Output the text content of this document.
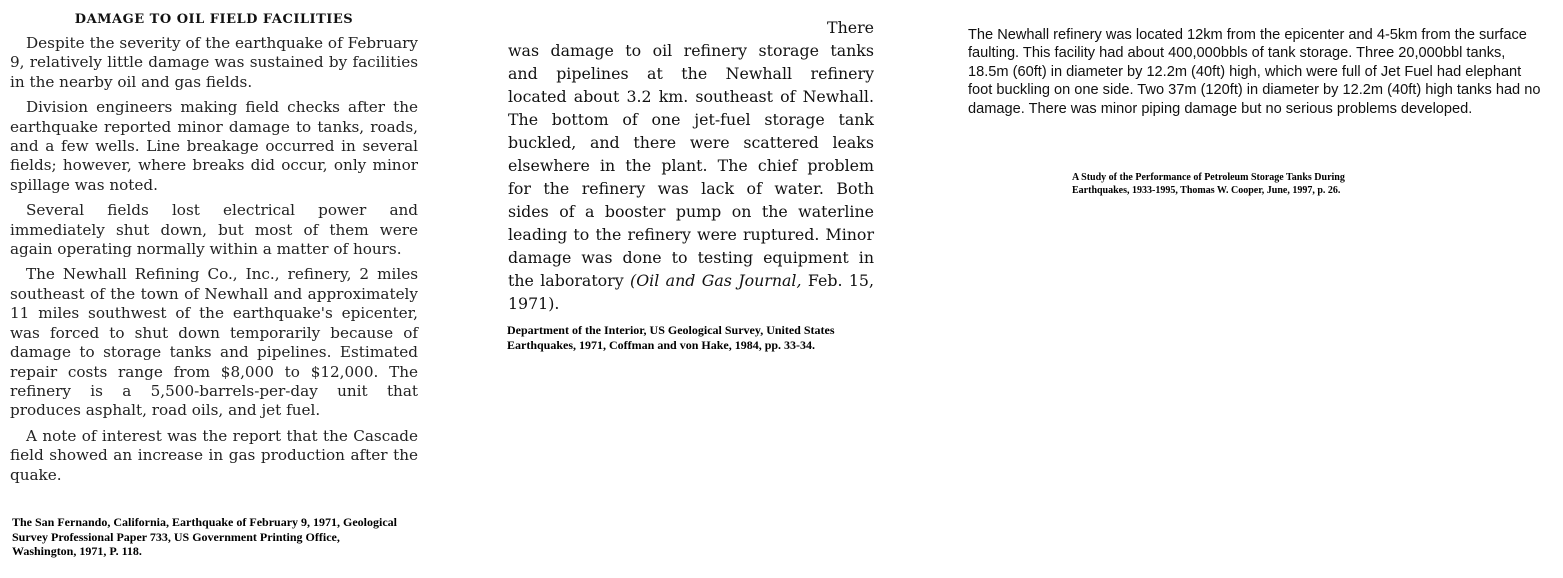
DAMAGE TO OIL FIELD FACILITIES

Despite the severity of the earthquake of February 9, relatively little damage was sustained by facilities in the nearby oil and gas fields.

Division engineers making field checks after the earthquake reported minor damage to tanks, roads, and a few wells. Line breakage occurred in several fields; however, where breaks did occur, only minor spillage was noted.

Several fields lost electrical power and immediately shut down, but most of them were again operating normally within a matter of hours.

The Newhall Refining Co., Inc., refinery, 2 miles southeast of the town of Newhall and approximately 11 miles southwest of the earthquake's epicenter, was forced to shut down temporarily because of damage to storage tanks and pipelines. Estimated repair costs range from $8,000 to $12,000. The refinery is a 5,500-barrels-per-day unit that produces asphalt, road oils, and jet fuel.

A note of interest was the report that the Cascade field showed an increase in gas production after the quake.

The San Fernando, California, Earthquake of February 9, 1971, Geological Survey Professional Paper 733, US Government Printing Office, Washington, 1971, P. 118.

There
was damage to oil refinery storage tanks and pipelines at the Newhall refinery located about 3.2 km. southeast of Newhall. The bottom of one jet-fuel storage tank buckled, and there were scattered leaks elsewhere in the plant. The chief problem for the refinery was lack of water. Both sides of a booster pump on the waterline leading to the refinery were ruptured. Minor damage was done to testing equipment in the laboratory (Oil and Gas Journal, Feb. 15, 1971).

Department of the Interior, US Geological Survey, United States Earthquakes, 1971, Coffman and von Hake, 1984, pp. 33-34.

The Newhall refinery was located 12km from the epicenter and 4-5km from the surface faulting. This facility had about 400,000bbls of tank storage. Three 20,000bbl tanks, 18.5m (60ft) in diameter by 12.2m (40ft) high, which were full of Jet Fuel had elephant foot buckling on one side. Two 37m (120ft) in diameter by 12.2m (40ft) high tanks had no damage. There was minor piping damage but no serious problems developed.

A Study of the Performance of Petroleum Storage Tanks During Earthquakes, 1933-1995, Thomas W. Cooper, June, 1997, p. 26.
